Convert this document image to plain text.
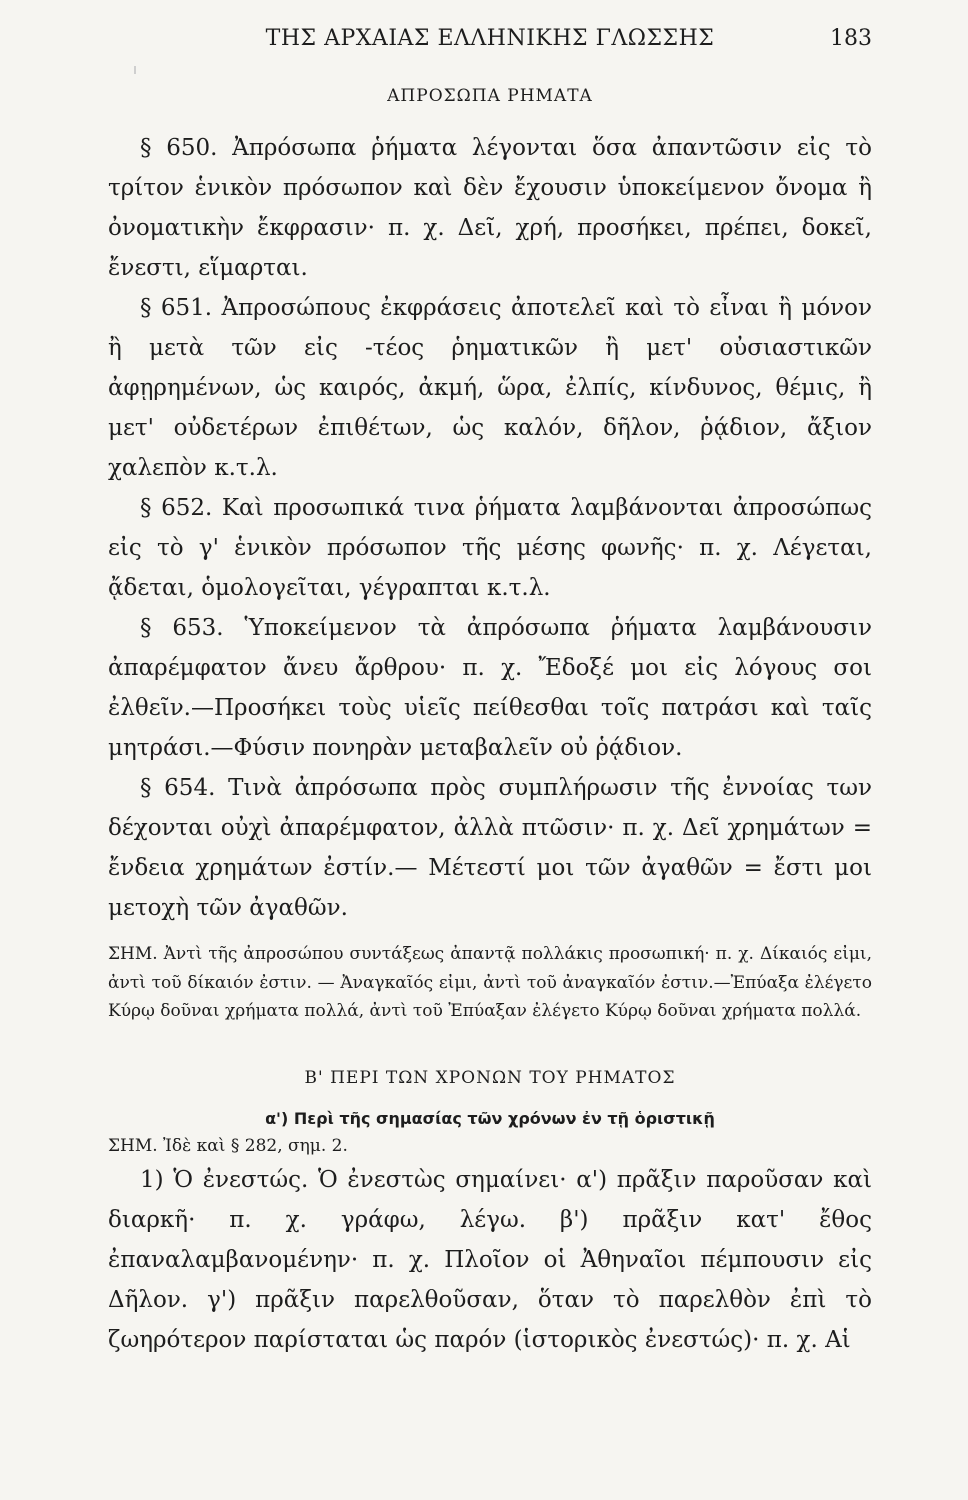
ΤΗΣ ΑΡΧΑΙΑΣ ΕΛΛΗΝΙΚΗΣ ΓΛΩΣΣΗΣ	183
ΑΠΡΟΣΩΠΑ ΡΗΜΑΤΑ

§ 650. Ἀπρόσωπα ῥήματα λέγονται ὅσα ἀπαντῶσιν εἰς τὸ τρίτον ἑνικὸν πρόσωπον καὶ δὲν ἔχουσιν ὑποκείμενον ὄνομα ἢ ὀνοματικὴν ἔκφρασιν· π. χ. Δεῖ, χρή, προσήκει, πρέπει, δοκεῖ, ἔνεστι, εἵμαρται.

§ 651. Ἀπροσώπους ἐκφράσεις ἀποτελεῖ καὶ τὸ εἶναι ἢ μόνον ἢ μετὰ τῶν εἰς -τέος ῥηματικῶν ἢ μετ' οὐσιαστικῶν ἀφῃρημένων, ὡς καιρός, ἀκμή, ὥρα, ἐλπίς, κίνδυνος, θέμις, ἢ μετ' οὐδετέρων ἐπιθέτων, ὡς καλόν, δῆλον, ῥᾴδιον, ἄξιον χαλεπὸν κ.τ.λ.

§ 652. Καὶ προσωπικά τινα ῥήματα λαμβάνονται ἀπροσώπως εἰς τὸ γ' ἑνικὸν πρόσωπον τῆς μέσης φωνῆς· π. χ. Λέγεται, ᾄδεται, ὁμολογεῖται, γέγραπται κ.τ.λ.

§ 653. Ὑποκείμενον τὰ ἀπρόσωπα ῥήματα λαμβάνουσιν ἀπαρέμφατον ἄνευ ἄρθρου· π. χ. Ἔδοξέ μοι εἰς λόγους σοι ἐλθεῖν.—Προσήκει τοὺς υἱεῖς πείθεσθαι τοῖς πατράσι καὶ ταῖς μητράσι.—Φύσιν πονηρὰν μεταβαλεῖν οὐ ῥᾴδιον.

§ 654. Τινὰ ἀπρόσωπα πρὸς συμπλήρωσιν τῆς ἐννοίας των δέχονται οὐχὶ ἀπαρέμφατον, ἀλλὰ πτῶσιν· π. χ. Δεῖ χρημάτων = ἔνδεια χρημάτων ἐστίν.— Μέτεστί μοι τῶν ἀγαθῶν = ἔστι μοι μετοχὴ τῶν ἀγαθῶν.

ΣΗΜ. Ἀντὶ τῆς ἀπροσώπου συντάξεως ἀπαντᾷ πολλάκις προσωπική· π. χ. Δίκαιός εἰμι, ἀντὶ τοῦ δίκαιόν ἐστιν. — Ἀναγκαῖός εἰμι, ἀντὶ τοῦ ἀναγκαῖόν ἐστιν.—Ἐπύαξα ἐλέγετο Κύρῳ δοῦναι χρήματα πολλά, ἀντὶ τοῦ Ἐπύαξαν ἐλέγετο Κύρῳ δοῦναι χρήματα πολλά.

Β' ΠΕΡΙ ΤΩΝ ΧΡΟΝΩΝ ΤΟΥ ΡΗΜΑΤΟΣ

α') Περὶ τῆς σημασίας τῶν χρόνων ἐν τῇ ὁριστικῇ

ΣΗΜ. Ἰδὲ καὶ § 282, σημ. 2.

1) Ὁ ἐνεστώς. Ὁ ἐνεστὼς σημαίνει· α') πρᾶξιν παροῦσαν καὶ διαρκῆ· π. χ. γράφω, λέγω. β') πρᾶξιν κατ' ἔθος ἐπαναλαμβανομένην· π. χ. Πλοῖον οἱ Ἀθηναῖοι πέμπουσιν εἰς Δῆλον. γ') πρᾶξιν παρελθοῦσαν, ὅταν τὸ παρελθὸν ἐπὶ τὸ ζωηρότερον παρίσταται ὡς παρόν (ἱστορικὸς ἐνεστώς)· π. χ. Αἱ
